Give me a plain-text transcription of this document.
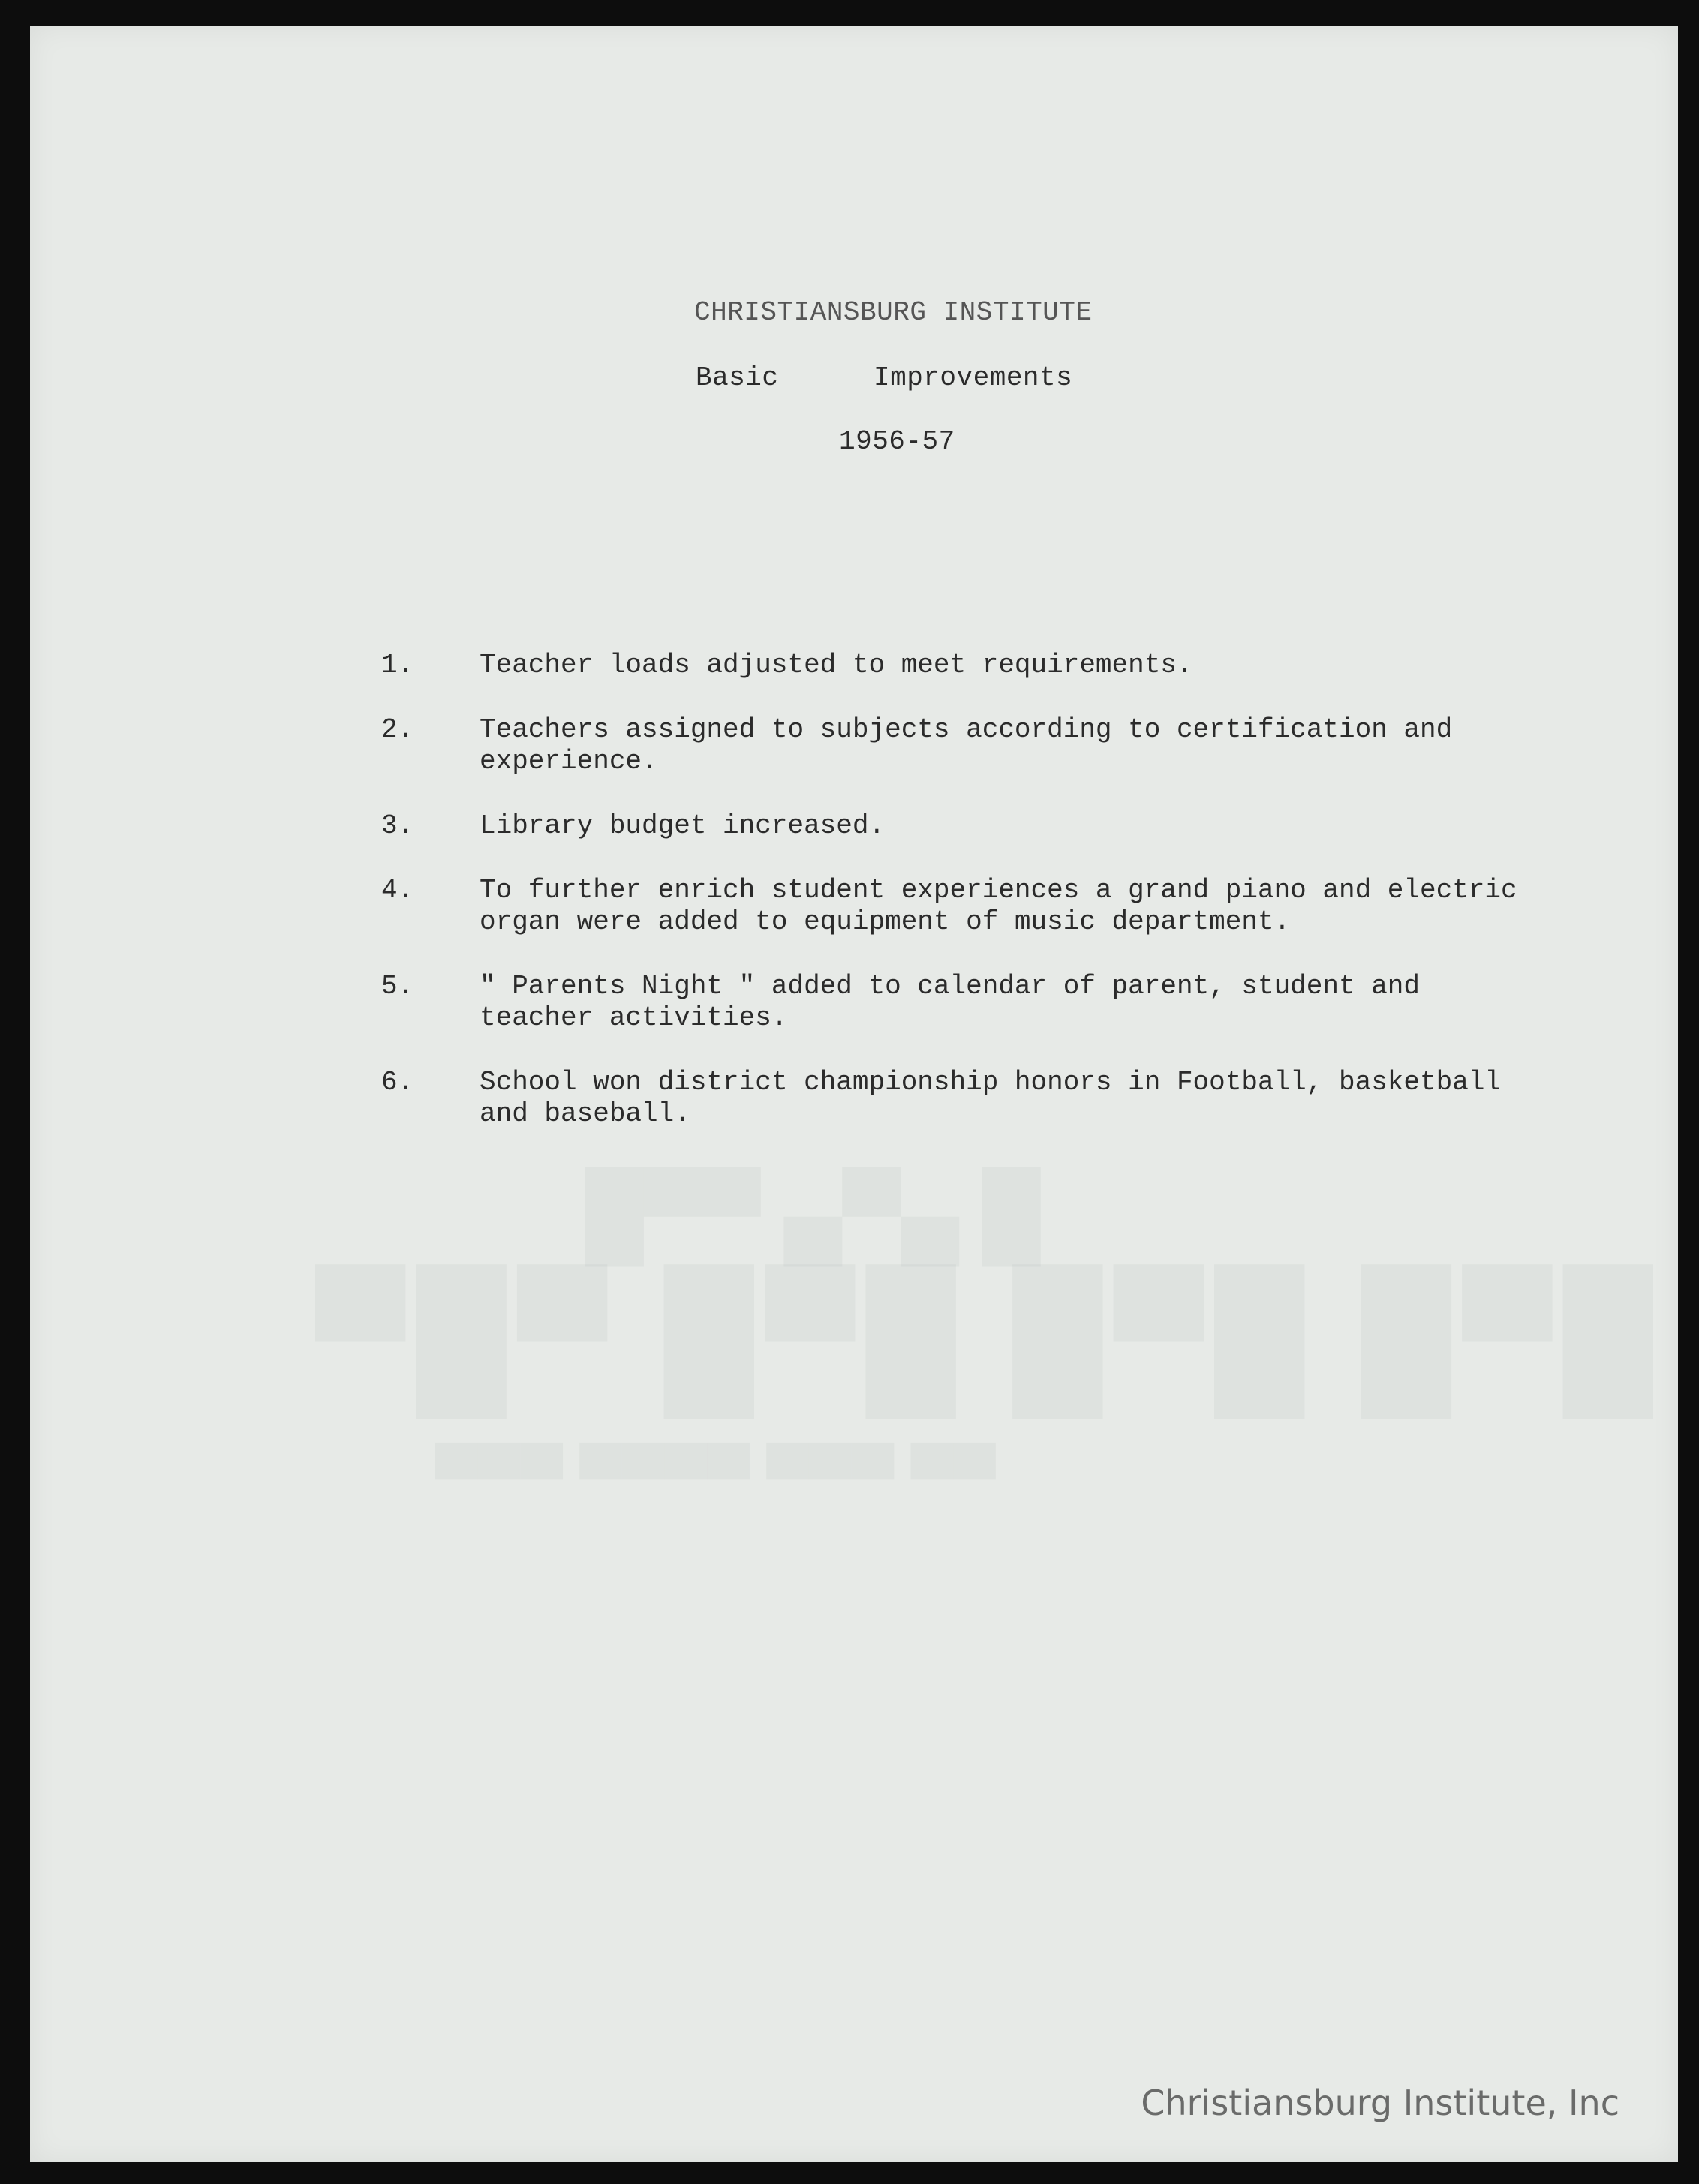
█▀▀ ▄▀▄ █
▀█▀ █▀█ █▀█ █▀█
▄▄▄ ▄▄▄▄ ▄▄▄ ▄▄
CHRISTIANSBURG INSTITUTE
Basic	Improvements
1956-57
1.	Teacher loads adjusted to meet requirements.
2.	Teachers assigned to subjects according to certification and
experience.
3.	Library budget increased.
4.	To further enrich student experiences a grand piano and electric
organ were added to equipment of music department.
5.	" Parents Night " added to calendar of parent, student and
teacher activities.
6.	School won district championship honors in Football, basketball
and baseball.
Christiansburg Institute, Inc
